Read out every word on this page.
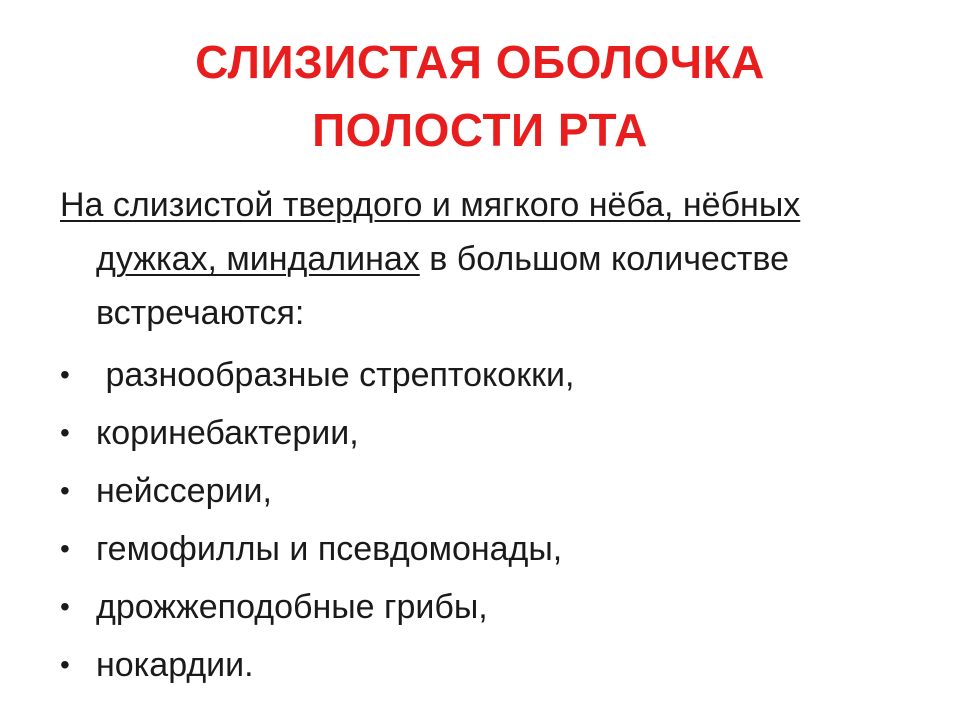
СЛИЗИСТАЯ ОБОЛОЧКА
ПОЛОСТИ РТА

На слизистой твердого и мягкого нёба, нёбных дужках, миндалинах в большом количестве встречаются:

• разнообразные стрептококки,
• коринебактерии,
• нейссерии,
• гемофиллы и псевдомонады,
• дрожжеподобные грибы,
• нокардии.
